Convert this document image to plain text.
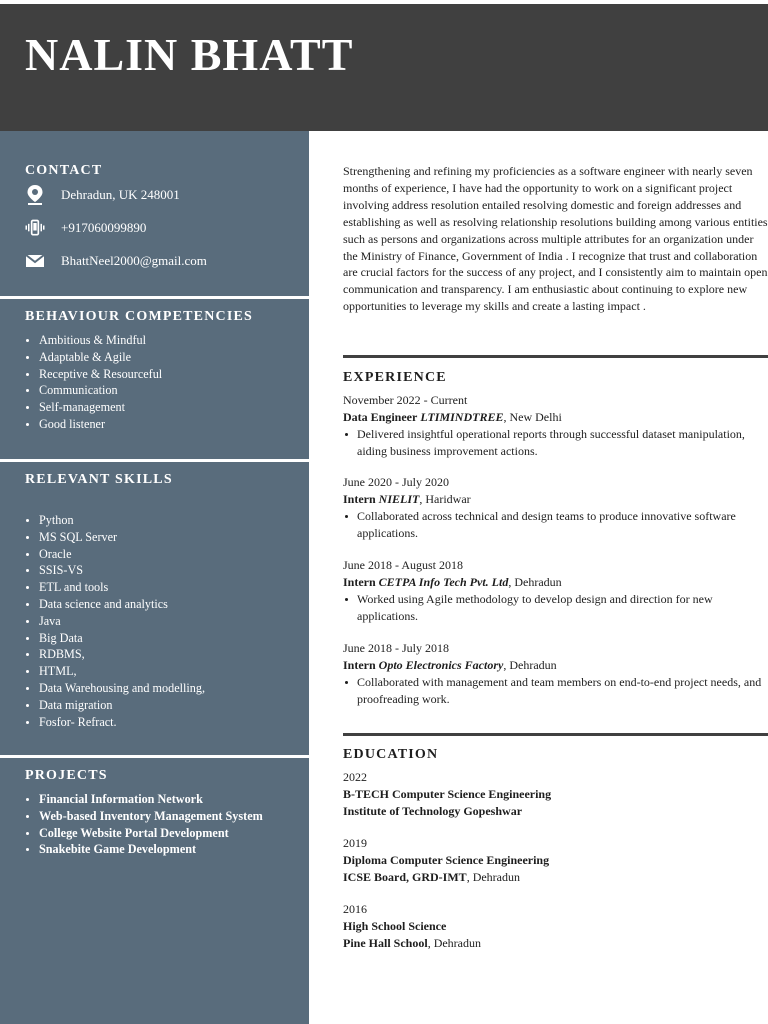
NALIN BHATT
CONTACT
Dehradun, UK 248001
+917060099890
BhattNeel2000@gmail.com
BEHAVIOUR COMPETENCIES
Ambitious & Mindful
Adaptable & Agile
Receptive & Resourceful
Communication
Self-management
Good listener
RELEVANT SKILLS
Python
MS SQL Server
Oracle
SSIS-VS
ETL and tools
Data science and analytics
Java
Big Data
RDBMS,
HTML,
Data Warehousing and modelling,
Data migration
Fosfor- Refract.
PROJECTS
Financial Information Network
Web-based Inventory Management System
College Website Portal Development
Snakebite Game Development

Strengthening and refining my proficiencies as a software engineer with nearly seven months of experience, I have had the opportunity to work on a significant project involving address resolution entailed resolving domestic and foreign addresses and establishing as well as resolving relationship resolutions building among various entities such as persons and organizations across multiple attributes for an organization under the Ministry of Finance, Government of India . I recognize that trust and collaboration are crucial factors for the success of any project, and I consistently aim to maintain open communication and transparency. I am enthusiastic about continuing to explore new opportunities to leverage my skills and create a lasting impact .

EXPERIENCE
November 2022 - Current
Data Engineer LTIMINDTREE, New Delhi
Delivered insightful operational reports through successful dataset manipulation, aiding business improvement actions.
June 2020 - July 2020
Intern NIELIT, Haridwar
Collaborated across technical and design teams to produce innovative software applications.
June 2018 - August 2018
Intern CETPA Info Tech Pvt. Ltd, Dehradun
Worked using Agile methodology to develop design and direction for new applications.
June 2018 - July 2018
Intern Opto Electronics Factory, Dehradun
Collaborated with management and team members on end-to-end project needs, and proofreading work.
EDUCATION
2022
B-TECH Computer Science Engineering
Institute of Technology Gopeshwar
2019
Diploma Computer Science Engineering
ICSE Board, GRD-IMT, Dehradun
2016
High School Science
Pine Hall School, Dehradun
